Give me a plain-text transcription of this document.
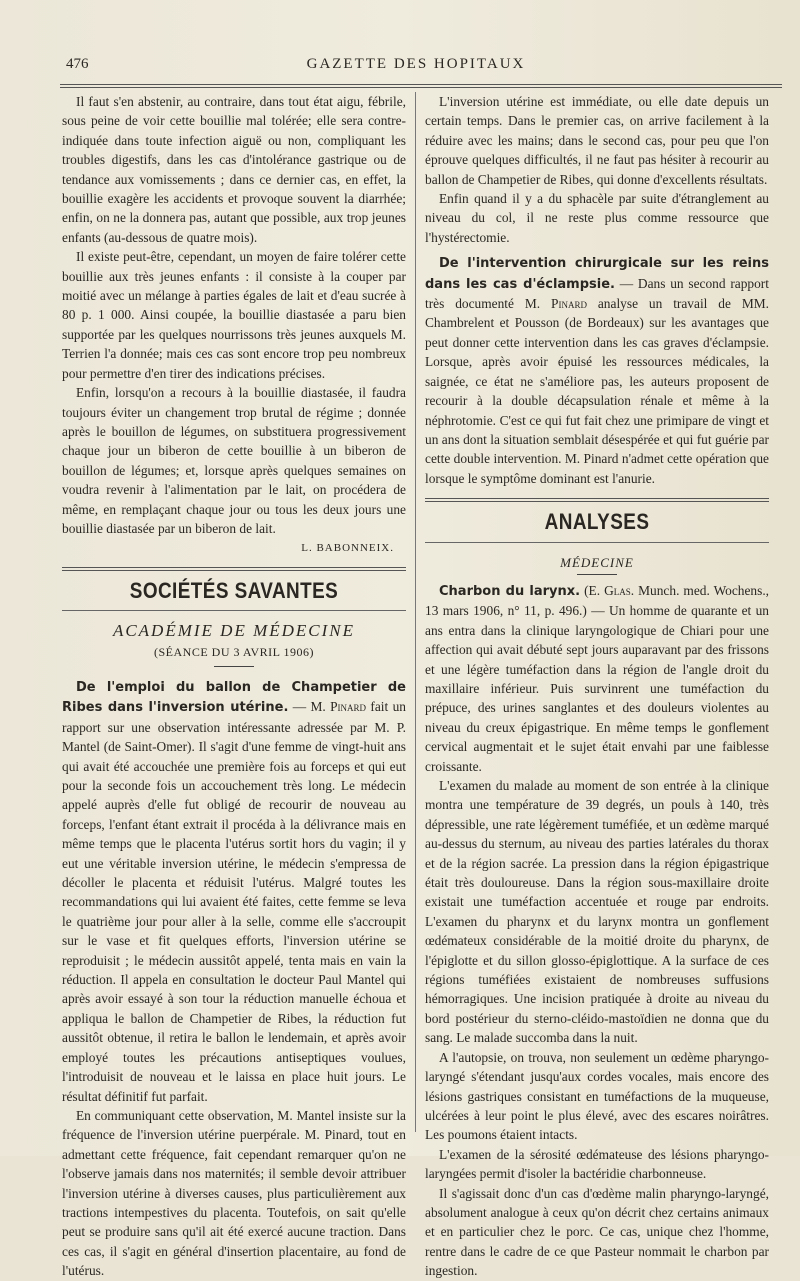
476	GAZETTE DES HOPITAUX

Il faut s'en abstenir, au contraire, dans tout état aigu, fébrile, sous peine de voir cette bouillie mal tolérée; elle sera contre-indiquée dans toute infection aiguë ou non, compliquant les troubles digestifs, dans les cas d'intolérance gastrique ou de tendance aux vomissements ; dans ce dernier cas, en effet, la bouillie exagère les accidents et provoque souvent la diarrhée; enfin, on ne la donnera pas, autant que possible, aux trop jeunes enfants (au-dessous de quatre mois).

Il existe peut-être, cependant, un moyen de faire tolérer cette bouillie aux très jeunes enfants : il consiste à la couper par moitié avec un mélange à parties égales de lait et d'eau sucrée à 80 p. 1 000. Ainsi coupée, la bouillie diastasée a paru bien supportée par les quelques nourrissons très jeunes auxquels M. Terrien l'a donnée; mais ces cas sont encore trop peu nombreux pour permettre d'en tirer des indications précises.

Enfin, lorsqu'on a recours à la bouillie diastasée, il faudra toujours éviter un changement trop brutal de régime ; donnée après le bouillon de légumes, on substituera progressivement chaque jour un biberon de cette bouillie à un biberon de bouillon de légumes; et, lorsque après quelques semaines on voudra revenir à l'alimentation par le lait, on procédera de même, en remplaçant chaque jour ou tous les deux jours une bouillie diastasée par un biberon de lait.

L. BABONNEIX.
SOCIÉTÉS SAVANTES
ACADÉMIE DE MÉDECINE
(SÉANCE DU 3 AVRIL 1906)

De l'emploi du ballon de Champetier de Ribes dans l'inversion utérine. — M. Pinard fait un rapport sur une observation intéressante adressée par M. P. Mantel (de Saint-Omer). Il s'agit d'une femme de vingt-huit ans qui avait été accouchée une première fois au forceps et qui eut pour la seconde fois un accouchement très long. Le médecin appelé auprès d'elle fut obligé de recourir de nouveau au forceps, l'enfant étant extrait il procéda à la délivrance mais en même temps que le placenta l'utérus sortit hors du vagin; il y eut une véritable inversion utérine, le médecin s'empressa de décoller le placenta et réduisit l'utérus. Malgré toutes les recommandations qui lui avaient été faites, cette femme se leva le quatrième jour pour aller à la selle, comme elle s'accroupit sur le vase et fit quelques efforts, l'inversion utérine se reproduisit ; le médecin aussitôt appelé, tenta mais en vain la réduction. Il appela en consultation le docteur Paul Mantel qui après avoir essayé à son tour la réduction manuelle échoua et appliqua le ballon de Champetier de Ribes, la réduction fut aussitôt obtenue, il retira le ballon le lendemain, et après avoir employé toutes les précautions antiseptiques voulues, l'introduisit de nouveau et le laissa en place huit jours. Le résultat définitif fut parfait.

En communiquant cette observation, M. Mantel insiste sur la fréquence de l'inversion utérine puerpérale. M. Pinard, tout en admettant cette fréquence, fait cependant remarquer qu'on ne l'observe jamais dans nos maternités; il semble devoir attribuer l'inversion utérine à diverses causes, plus particulièrement aux tractions intempestives du placenta. Toutefois, on sait qu'elle peut se produire sans qu'il ait été exercé aucune traction. Dans ces cas, il s'agit en général d'insertion placentaire, au fond de l'utérus.

L'inversion utérine est immédiate, ou elle date depuis un certain temps. Dans le premier cas, on arrive facilement à la réduire avec les mains; dans le second cas, pour peu que l'on éprouve quelques difficultés, il ne faut pas hésiter à recourir au ballon de Champetier de Ribes, qui donne d'excellents résultats.

Enfin quand il y a du sphacèle par suite d'étranglement au niveau du col, il ne reste plus comme ressource que l'hystérectomie.

De l'intervention chirurgicale sur les reins dans les cas d'éclampsie. — Dans un second rapport très documenté M. Pinard analyse un travail de MM. Chambrelent et Pousson (de Bordeaux) sur les avantages que peut donner cette intervention dans les cas graves d'éclampsie. Lorsque, après avoir épuisé les ressources médicales, la saignée, ce état ne s'améliore pas, les auteurs proposent de recourir à la double décapsulation rénale et même à la néphrotomie. C'est ce qui fut fait chez une primipare de vingt et un ans dont la situation semblait désespérée et qui fut guérie par cette double intervention. M. Pinard n'admet cette opération que lorsque le symptôme dominant est l'anurie.

ANALYSES
MÉDECINE

Charbon du larynx. (E. Glas. Munch. med. Wochens., 13 mars 1906, n° 11, p. 496.) — Un homme de quarante et un ans entra dans la clinique laryngologique de Chiari pour une affection qui avait débuté sept jours auparavant par des frissons et une légère tuméfaction dans la région de l'angle droit du maxillaire inférieur. Puis survinrent une tuméfaction du prépuce, des urines sanglantes et des douleurs violentes au niveau du creux épigastrique. En même temps le gonflement cervical augmentait et le sujet était envahi par une faiblesse croissante.

L'examen du malade au moment de son entrée à la clinique montra une température de 39 degrés, un pouls à 140, très dépressible, une rate légèrement tuméfiée, et un œdème marqué au-dessus du sternum, au niveau des parties latérales du thorax et de la région sacrée. La pression dans la région épigastrique était très douloureuse. Dans la région sous-maxillaire droite existait une tuméfaction accentuée et rouge par endroits. L'examen du pharynx et du larynx montra un gonflement œdémateux considérable de la moitié droite du pharynx, de l'épiglotte et du sillon glosso-épiglottique. A la surface de ces régions tuméfiées existaient de nombreuses suffusions hémorragiques. Une incision pratiquée à droite au niveau du bord postérieur du sterno-cléido-mastoïdien ne donna que du sang. Le malade succomba dans la nuit.

A l'autopsie, on trouva, non seulement un œdème pharyngo-laryngé s'étendant jusqu'aux cordes vocales, mais encore des lésions gastriques consistant en tuméfactions de la muqueuse, ulcérées à leur point le plus élevé, avec des escares noirâtres. Les poumons étaient intacts.

L'examen de la sérosité œdémateuse des lésions pharyngo-laryngées permit d'isoler la bactéridie charbonneuse.

Il s'agissait donc d'un cas d'œdème malin pharyngo-laryngé, absolument analogue à ceux qu'on décrit chez certains animaux et en particulier chez le porc. Ce cas, unique chez l'homme, rentre dans le cadre de ce que Pasteur nommait le charbon par ingestion.
